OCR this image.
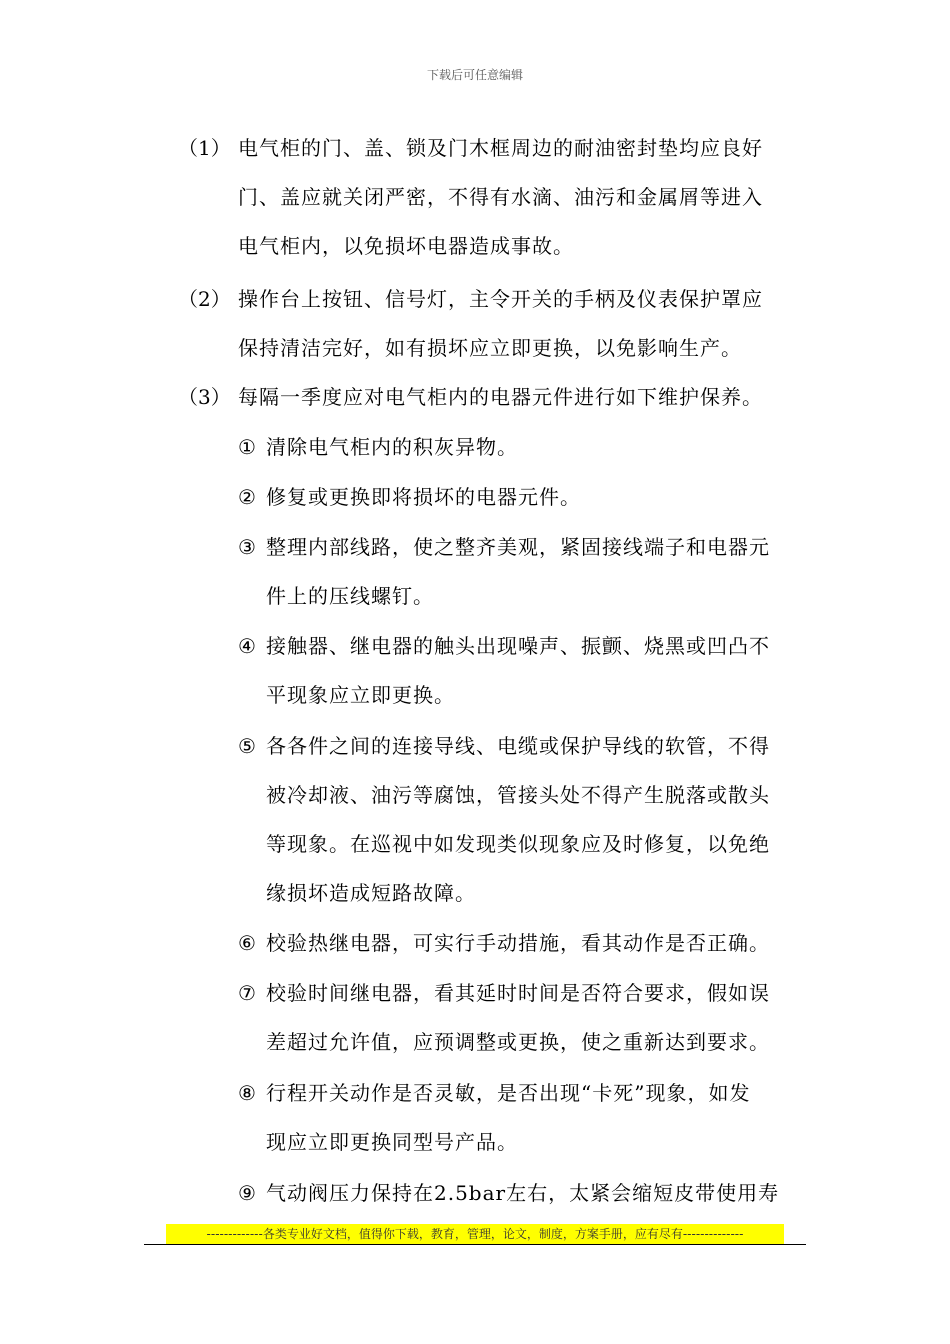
下载后可任意编辑
（1） 电气柜的门、盖、锁及门木框周边的耐油密封垫均应良好
门、盖应就关闭严密，不得有水滴、油污和金属屑等进入
电气柜内，以免损坏电器造成事故。
（2） 操作台上按钮、信号灯，主令开关的手柄及仪表保护罩应
保持清洁完好，如有损坏应立即更换，以免影响生产。
（3） 每隔一季度应对电气柜内的电器元件进行如下维护保养。
① 清除电气柜内的积灰异物。
② 修复或更换即将损坏的电器元件。
③ 整理内部线路，使之整齐美观，紧固接线端子和电器元
件上的压线螺钉。
④ 接触器、继电器的触头出现噪声、振颤、烧黑或凹凸不
平现象应立即更换。
⑤ 各各件之间的连接导线、电缆或保护导线的软管，不得
被冷却液、油污等腐蚀，管接头处不得产生脱落或散头
等现象。在巡视中如发现类似现象应及时修复，以免绝
缘损坏造成短路故障。
⑥ 校验热继电器，可实行手动措施，看其动作是否正确。
⑦ 校验时间继电器，看其延时时间是否符合要求，假如误
差超过允许值，应预调整或更换，使之重新达到要求。
⑧ 行程开关动作是否灵敏，是否出现“卡死”现象，如发
现应立即更换同型号产品。
⑨ 气动阀压力保持在2.5bar左右，太紧会缩短皮带使用寿
-------------各类专业好文档，值得你下载，教育，管理，论文，制度，方案手册，应有尽有--------------
